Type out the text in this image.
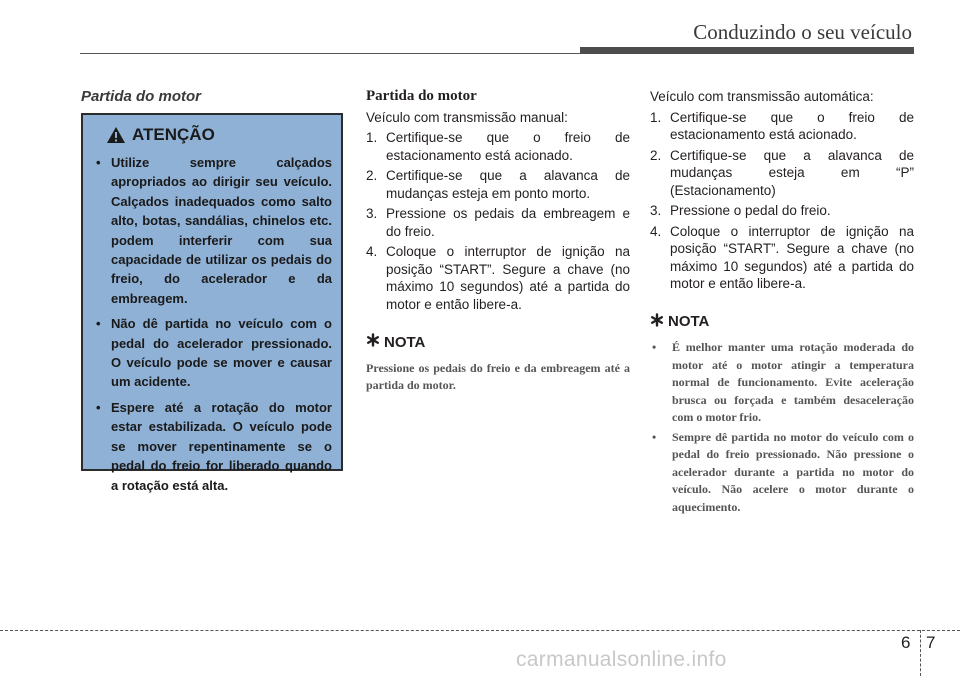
Conduzindo o seu veículo
Partida do motor
ATENÇÃO
• Utilize sempre calçados apropriados ao dirigir seu veículo. Calçados inadequados como salto alto, botas, sandálias, chinelos etc. podem interferir com sua capacidade de utilizar os pedais do freio, do acelerador e da embreagem.
• Não dê partida no veículo com o pedal do acelerador pressionado. O veículo pode se mover e causar um acidente.
• Espere até a rotação do motor estar estabilizada. O veículo pode se mover repentinamente se o pedal do freio for liberado quando a rotação está alta.
Partida do motor

Veículo com transmissão manual:

1. Certifique-se que o freio de estacionamento está acionado.
2. Certifique-se que a alavanca de mudanças esteja em ponto morto.
3. Pressione os pedais da embreagem e do freio.
4. Coloque o interruptor de ignição na posição “START”. Segure a chave (no máximo 10 segundos) até a partida do motor e então libere-a.
NOTA

Pressione os pedais do freio e da embreagem até a partida do motor.

Veículo com transmissão automática:

1. Certifique-se que o freio de estacionamento está acionado.
2. Certifique-se que a alavanca de mudanças esteja em “P” (Estacionamento)
3. Pressione o pedal do freio.
4. Coloque o interruptor de ignição na posição “START”. Segure a chave (no máximo 10 segundos) até a partida do motor e então libere-a.
NOTA
• É melhor manter uma rotação moderada do motor até o motor atingir a temperatura normal de funcionamento. Evite aceleração brusca ou forçada e também desaceleração com o motor frio.
• Sempre dê partida no motor do veículo com o pedal do freio pressionado. Não pressione o acelerador durante a partida no motor do veículo. Não acelere o motor durante o aquecimento.
6 7
carmanualsonline.info
